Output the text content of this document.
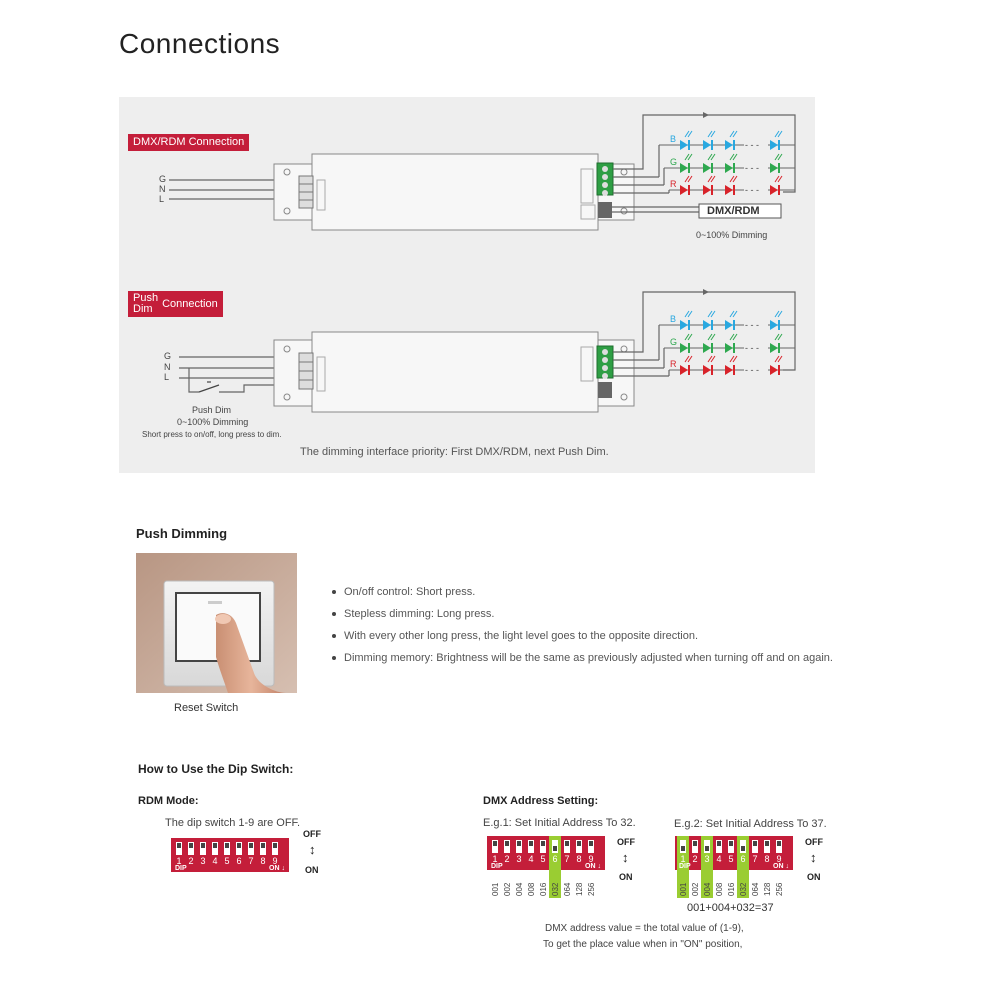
Connections
- - -
- - -
- - -
- - -
- - -
- - -
DMX/RDM Connection
Push
Dim Connection
G
N
L
G
N
L
B
G
R
B
G
R
DMX/RDM
0~100% Dimming
Push Dim
0~100% Dimming
Short press to on/off, long press to dim.
The dimming interface priority: First DMX/RDM, next Push Dim.
Push Dimming
Reset Switch
On/off control: Short press.
Stepless dimming: Long press.
With every other long press, the light level goes to the opposite direction.
Dimming memory: Brightness will be the same as previously adjusted when turning off and on again.
How to Use the Dip Switch:
RDM Mode:	DMX Address Setting:
The dip switch 1-9 are OFF.	E.g.1: Set Initial Address To 32.	E.g.2: Set Initial Address To 37.
1 2 3 4 5 6 7 8 9
DIP	ON ↓
1
001
2
002
3
004
4
008
5
016
6
032
7
064
8
128
9
256
DIP	ON ↓
1
001
2
002
3
004
4
008
5
016
6
032
7
064
8
128
9
256
DIP	ON ↓
OFF
↕
ON
OFF
↕
ON
OFF
↕
ON
001+004+032=37
DMX address value = the total value of (1-9),
To get the place value when in "ON" position,
